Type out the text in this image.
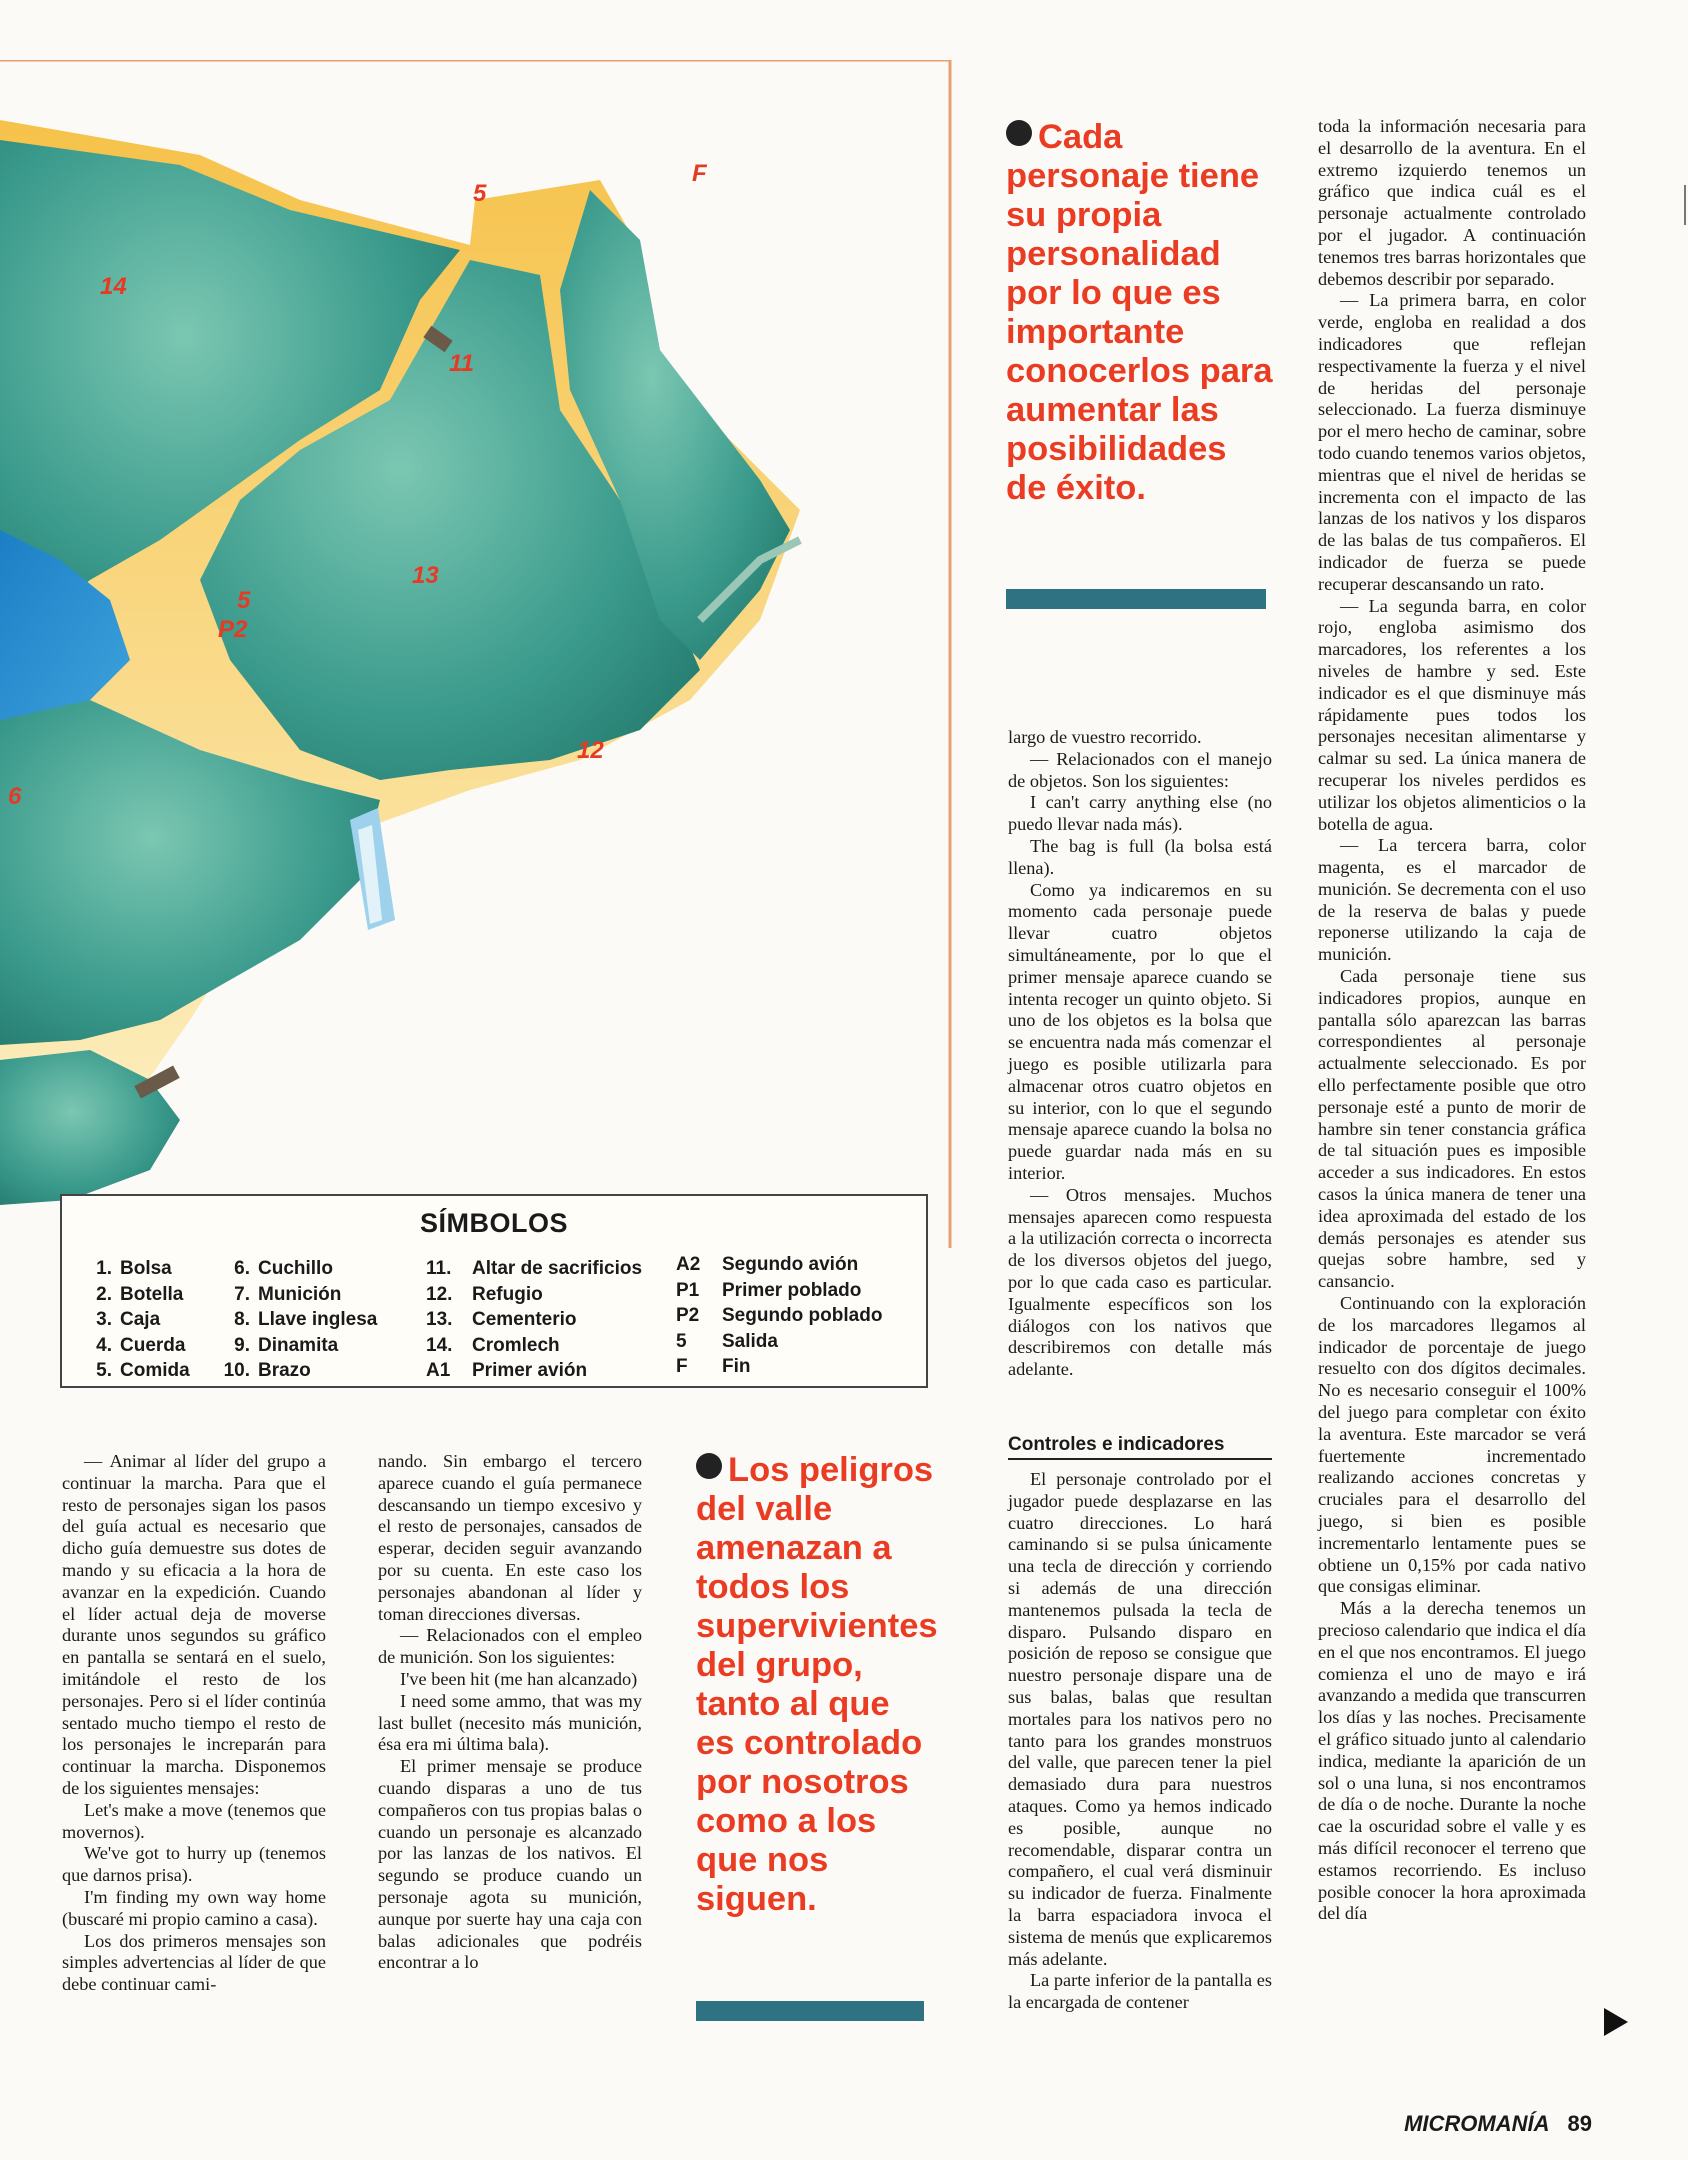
14
5
F
11
13
5
P2
12
6
SÍMBOLOS
1. Bolsa
2. Botella
3. Caja
4. Cuerda
5. Comida
6. Cuchillo
7. Munición
8. Llave inglesa
9. Dinamita
10. Brazo
11. Altar de sacrificios
12. Refugio
13. Cementerio
14. Cromlech
A1 Primer avión
A2 Segundo avión
P1 Primer poblado
P2 Segundo poblado
5 Salida
F Fin
Cada personaje tiene su propia personalidad por lo que es importante conocerlos para aumentar las posibilidades de éxito.
Los peligros del valle amenazan a todos los supervivientes del grupo, tanto al que es controlado por nosotros como a los que nos siguen.

— Animar al líder del grupo a continuar la marcha. Para que el resto de personajes sigan los pasos del guía actual es necesario que dicho guía demuestre sus dotes de mando y su eficacia a la hora de avanzar en la expedición. Cuando el líder actual deja de moverse durante unos segundos su gráfico en pantalla se sentará en el suelo, imitándole el resto de los personajes. Pero si el líder continúa sentado mucho tiempo el resto de los personajes le increparán para continuar la marcha. Disponemos de los siguientes mensajes:

Let's make a move (tenemos que movernos).

We've got to hurry up (tenemos que darnos prisa).

I'm finding my own way home (buscaré mi propio camino a casa).

Los dos primeros mensajes son simples advertencias al líder de que debe continuar cami-

nando. Sin embargo el tercero aparece cuando el guía permanece descansando un tiempo excesivo y el resto de personajes, cansados de esperar, deciden seguir avanzando por su cuenta. En este caso los personajes abandonan al líder y toman direcciones diversas.

— Relacionados con el empleo de munición. Son los siguientes:

I've been hit (me han alcanzado)

I need some ammo, that was my last bullet (necesito más munición, ésa era mi última bala).

El primer mensaje se produce cuando disparas a uno de tus compañeros con tus propias balas o cuando un personaje es alcanzado por las lanzas de los nativos. El segundo se produce cuando un personaje agota su munición, aunque por suerte hay una caja con balas adicionales que podréis encontrar a lo

largo de vuestro recorrido.

— Relacionados con el manejo de objetos. Son los siguientes:

I can't carry anything else (no puedo llevar nada más).

The bag is full (la bolsa está llena).

Como ya indicaremos en su momento cada personaje puede llevar cuatro objetos simultáneamente, por lo que el primer mensaje aparece cuando se intenta recoger un quinto objeto. Si uno de los objetos es la bolsa que se encuentra nada más comenzar el juego es posible utilizarla para almacenar otros cuatro objetos en su interior, con lo que el segundo mensaje aparece cuando la bolsa no puede guardar nada más en su interior.

— Otros mensajes. Muchos mensajes aparecen como respuesta a la utilización correcta o incorrecta de los diversos objetos del juego, por lo que cada caso es particular. Igualmente específicos son los diálogos con los nativos que describiremos con detalle más adelante.

Controles e indicadores

El personaje controlado por el jugador puede desplazarse en las cuatro direcciones. Lo hará caminando si se pulsa únicamente una tecla de dirección y corriendo si además de una dirección mantenemos pulsada la tecla de disparo. Pulsando disparo en posición de reposo se consigue que nuestro personaje dispare una de sus balas, balas que resultan mortales para los nativos pero no tanto para los grandes monstruos del valle, que parecen tener la piel demasiado dura para nuestros ataques. Como ya hemos indicado es posible, aunque no recomendable, disparar contra un compañero, el cual verá disminuir su indicador de fuerza. Finalmente la barra espaciadora invoca el sistema de menús que explicaremos más adelante.

La parte inferior de la pantalla es la encargada de contener

toda la información necesaria para el desarrollo de la aventura. En el extremo izquierdo tenemos un gráfico que indica cuál es el personaje actualmente controlado por el jugador. A continuación tenemos tres barras horizontales que debemos describir por separado.

— La primera barra, en color verde, engloba en realidad a dos indicadores que reflejan respectivamente la fuerza y el nivel de heridas del personaje seleccionado. La fuerza disminuye por el mero hecho de caminar, sobre todo cuando tenemos varios objetos, mientras que el nivel de heridas se incrementa con el impacto de las lanzas de los nativos y los disparos de las balas de tus compañeros. El indicador de fuerza se puede recuperar descansando un rato.

— La segunda barra, en color rojo, engloba asimismo dos marcadores, los referentes a los niveles de hambre y sed. Este indicador es el que disminuye más rápidamente pues todos los personajes necesitan alimentarse y calmar su sed. La única manera de recuperar los niveles perdidos es utilizar los objetos alimenticios o la botella de agua.

— La tercera barra, color magenta, es el marcador de munición. Se decrementa con el uso de la reserva de balas y puede reponerse utilizando la caja de munición.

Cada personaje tiene sus indicadores propios, aunque en pantalla sólo aparezcan las barras correspondientes al personaje actualmente seleccionado. Es por ello perfectamente posible que otro personaje esté a punto de morir de hambre sin tener constancia gráfica de tal situación pues es imposible acceder a sus indicadores. En estos casos la única manera de tener una idea aproximada del estado de los demás personajes es atender sus quejas sobre hambre, sed y cansancio.

Continuando con la exploración de los marcadores llegamos al indicador de porcentaje de juego resuelto con dos dígitos decimales. No es necesario conseguir el 100% del juego para completar con éxito la aventura. Este marcador se verá fuertemente incrementado realizando acciones concretas y cruciales para el desarrollo del juego, si bien es posible incrementarlo lentamente pues se obtiene un 0,15% por cada nativo que consigas eliminar.

Más a la derecha tenemos un precioso calendario que indica el día en el que nos encontramos. El juego comienza el uno de mayo e irá avanzando a medida que transcurren los días y las noches. Precisamente el gráfico situado junto al calendario indica, mediante la aparición de un sol o una luna, si nos encontramos de día o de noche. Durante la noche cae la oscuridad sobre el valle y es más difícil reconocer el terreno que estamos recorriendo. Es incluso posible conocer la hora aproximada del día

MICROMANÍA 89
